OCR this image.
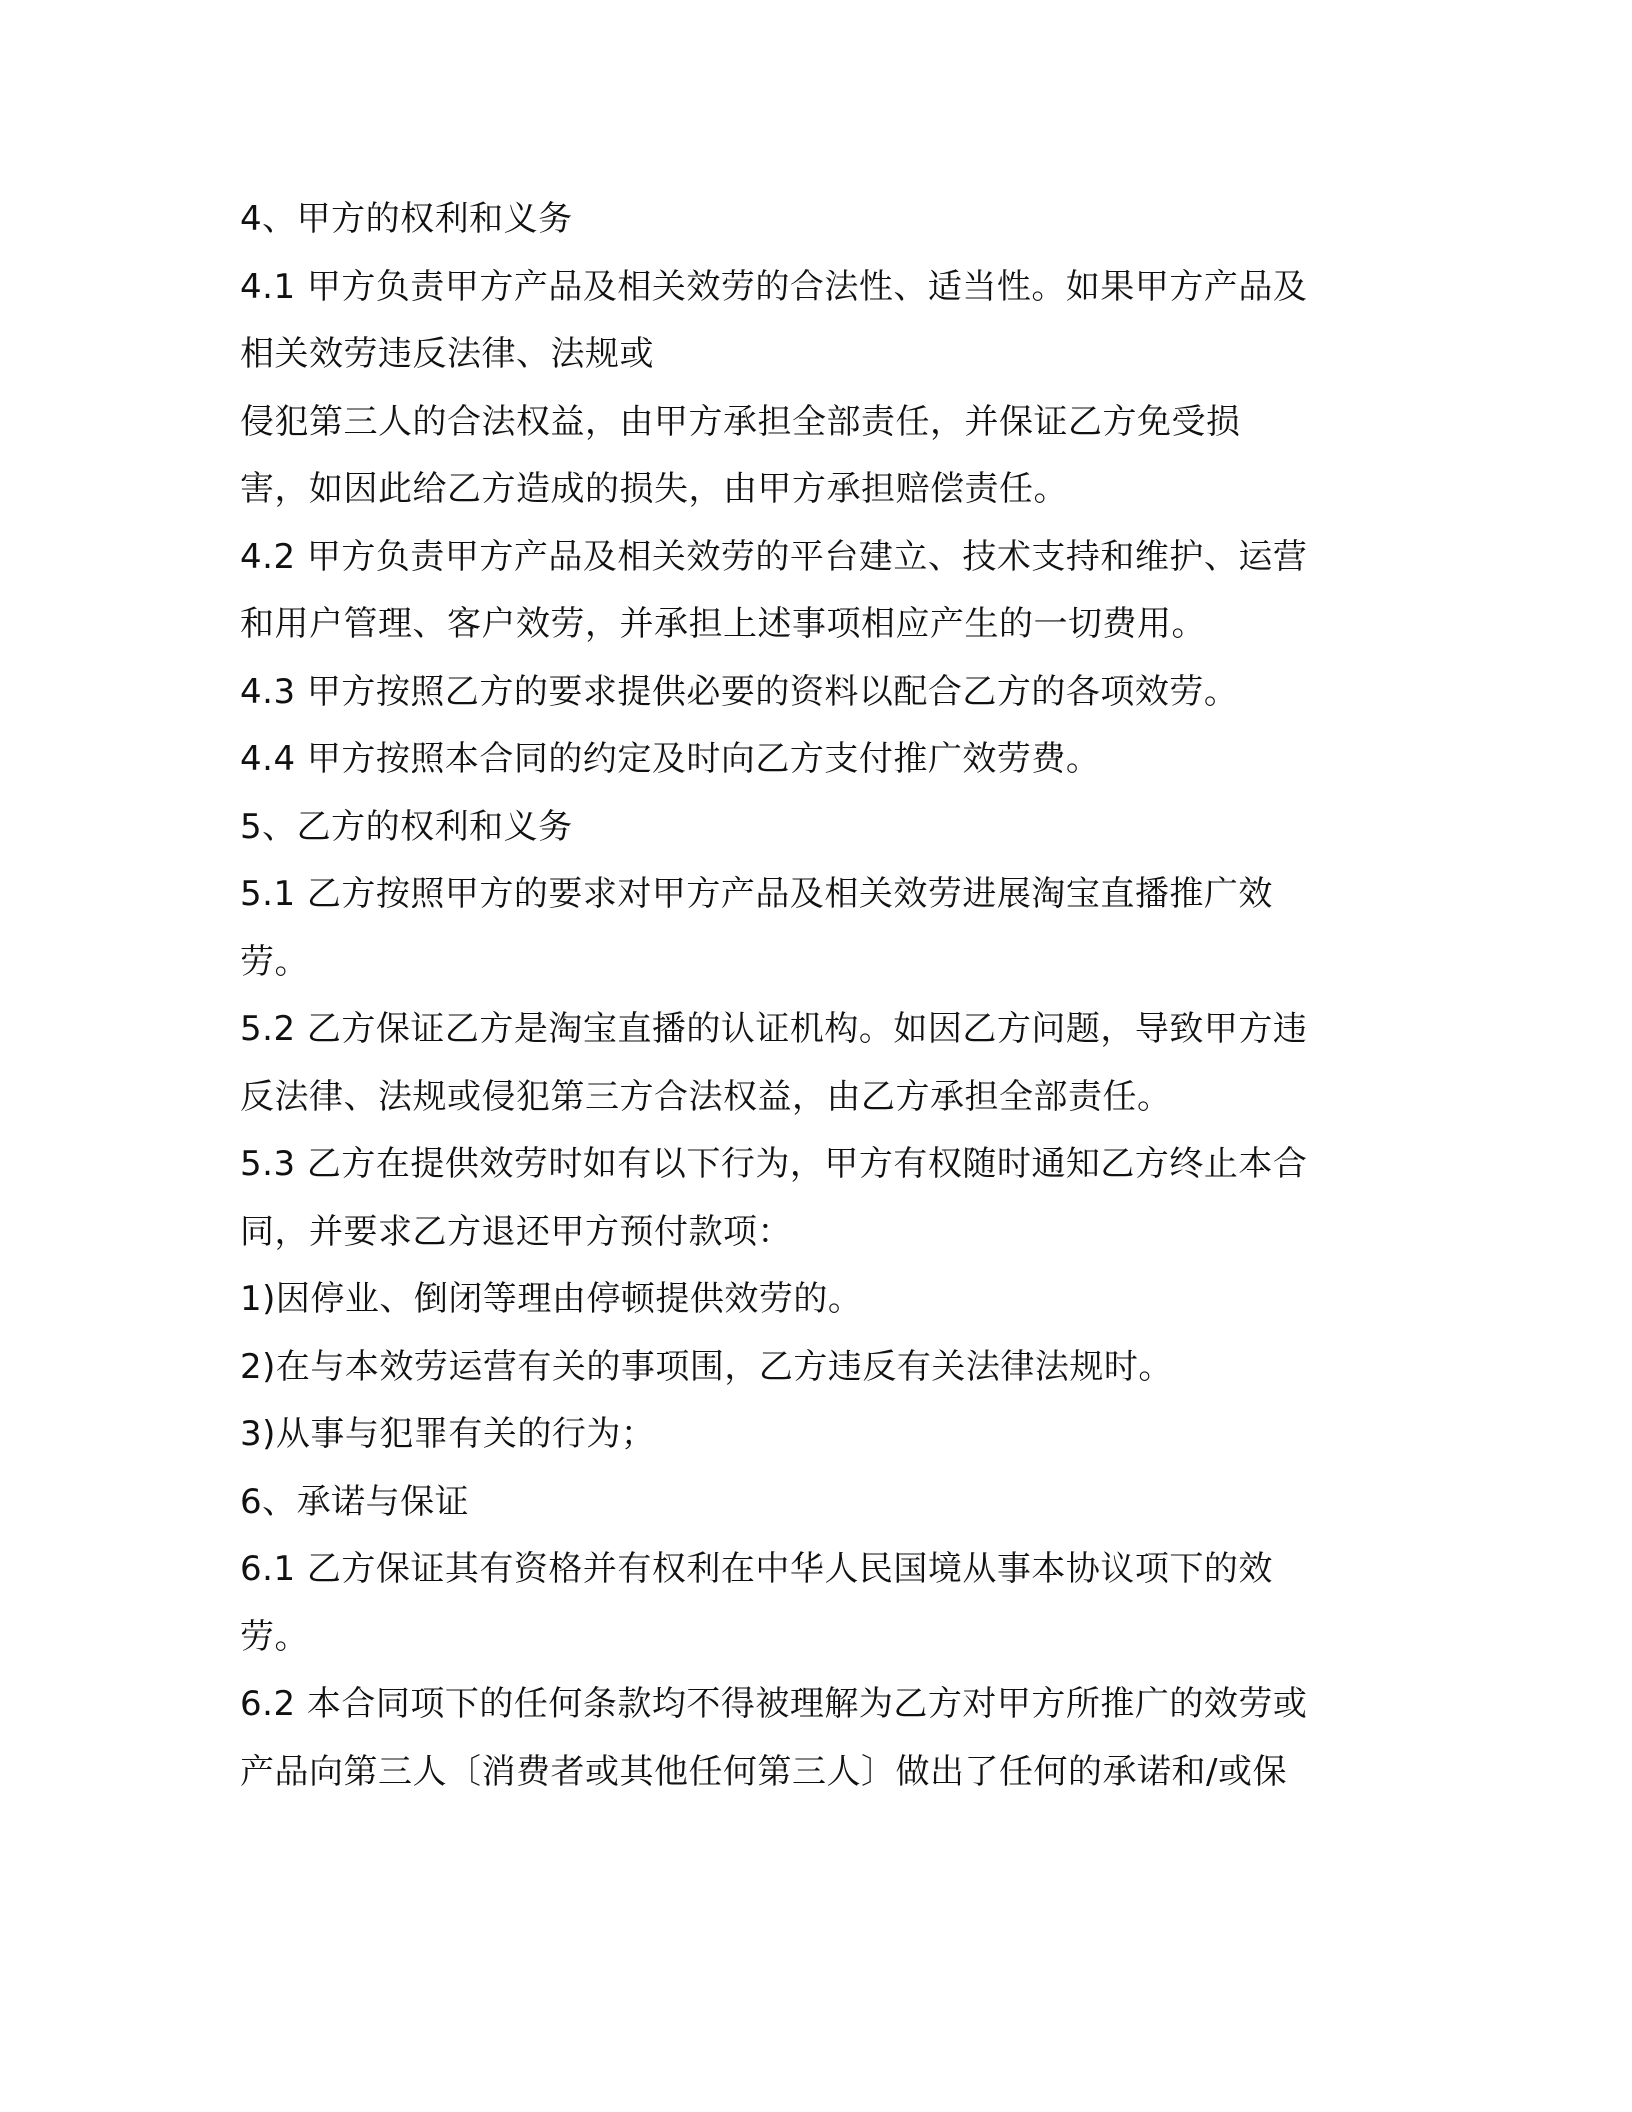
4、甲方的权利和义务
4.1 甲方负责甲方产品及相关效劳的合法性、适当性。如果甲方产品及
相关效劳违反法律、法规或
侵犯第三人的合法权益，由甲方承担全部责任，并保证乙方免受损
害，如因此给乙方造成的损失，由甲方承担赔偿责任。
4.2 甲方负责甲方产品及相关效劳的平台建立、技术支持和维护、运营
和用户管理、客户效劳，并承担上述事项相应产生的一切费用。
4.3 甲方按照乙方的要求提供必要的资料以配合乙方的各项效劳。
4.4 甲方按照本合同的约定及时向乙方支付推广效劳费。
5、乙方的权利和义务
5.1 乙方按照甲方的要求对甲方产品及相关效劳进展淘宝直播推广效
劳。
5.2 乙方保证乙方是淘宝直播的认证机构。如因乙方问题，导致甲方违
反法律、法规或侵犯第三方合法权益，由乙方承担全部责任。
5.3 乙方在提供效劳时如有以下行为，甲方有权随时通知乙方终止本合
同，并要求乙方退还甲方预付款项：
1)因停业、倒闭等理由停顿提供效劳的。
2)在与本效劳运营有关的事项围，乙方违反有关法律法规时。
3)从事与犯罪有关的行为；
6、承诺与保证
6.1 乙方保证其有资格并有权利在中华人民国境从事本协议项下的效
劳。
6.2 本合同项下的任何条款均不得被理解为乙方对甲方所推广的效劳或
产品向第三人〔消费者或其他任何第三人〕做出了任何的承诺和/或保
